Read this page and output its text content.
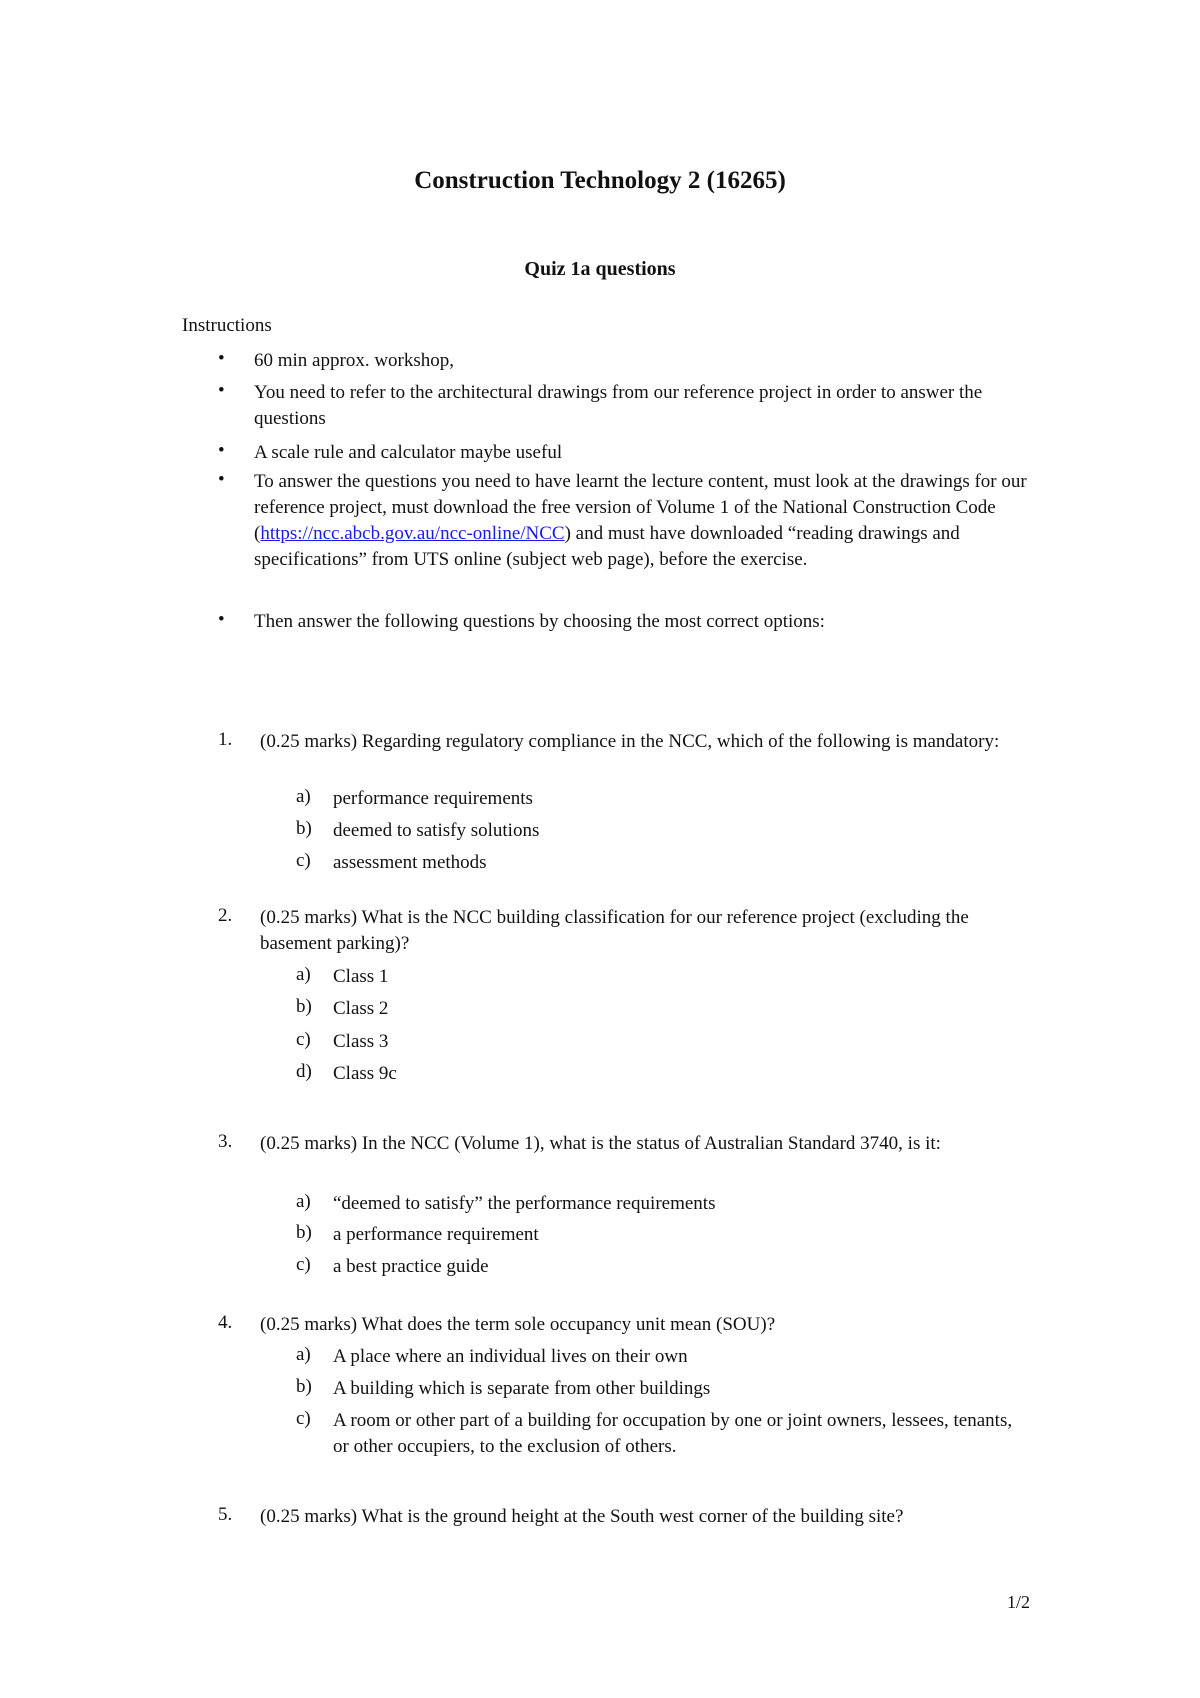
Construction Technology 2 (16265)
Quiz 1a questions
Instructions
• 60 min approx. workshop,
• You need to refer to the architectural drawings from our reference project in order to answer the questions
• A scale rule and calculator maybe useful
• To answer the questions you need to have learnt the lecture content, must look at the drawings for our reference project, must download the free version of Volume 1 of the National Construction Code (https://ncc.abcb.gov.au/ncc-online/NCC) and must have downloaded “reading drawings and specifications” from UTS online (subject web page), before the exercise.
• Then answer the following questions by choosing the most correct options:
1. (0.25 marks) Regarding regulatory compliance in the NCC, which of the following is mandatory:
a) performance requirements
b) deemed to satisfy solutions
c) assessment methods
2. (0.25 marks) What is the NCC building classification for our reference project (excluding the basement parking)?
a) Class 1
b) Class 2
c) Class 3
d) Class 9c
3. (0.25 marks) In the NCC (Volume 1), what is the status of Australian Standard 3740, is it:
a) “deemed to satisfy” the performance requirements
b) a performance requirement
c) a best practice guide
4. (0.25 marks) What does the term sole occupancy unit mean (SOU)?
a) A place where an individual lives on their own
b) A building which is separate from other buildings
c) A room or other part of a building for occupation by one or joint owners, lessees, tenants, or other occupiers, to the exclusion of others.
5. (0.25 marks) What is the ground height at the South west corner of the building site?
1/2
